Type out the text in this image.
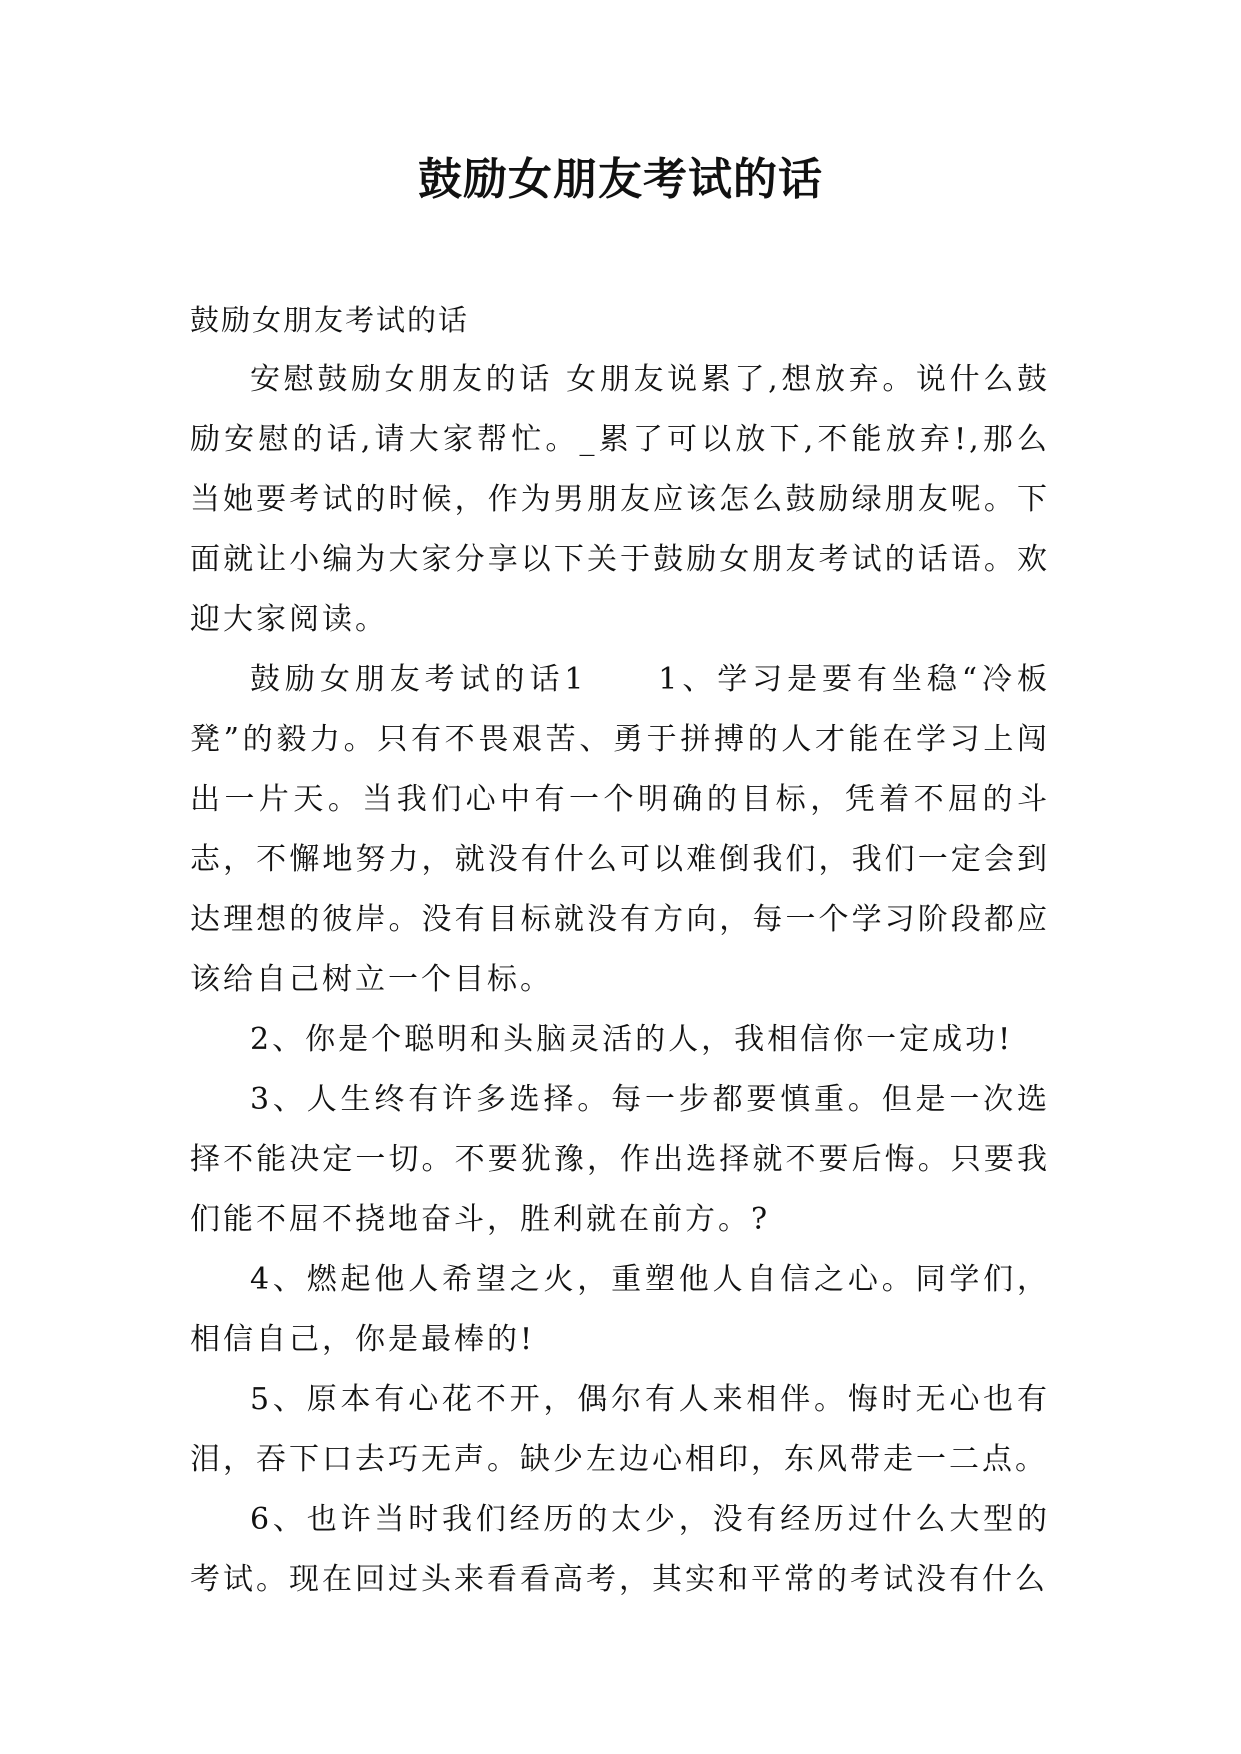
鼓励女朋友考试的话

鼓励女朋友考试的话

安慰鼓励女朋友的话 女朋友说累了,想放弃。说什么鼓励安慰的话,请大家帮忙。_累了可以放下,不能放弃!,那么当她要考试的时候，作为男朋友应该怎么鼓励绿朋友呢。下面就让小编为大家分享以下关于鼓励女朋友考试的话语。欢迎大家阅读。

鼓励女朋友考试的话1　　1、学习是要有坐稳“冷板凳”的毅力。只有不畏艰苦、勇于拼搏的人才能在学习上闯出一片天。当我们心中有一个明确的目标，凭着不屈的斗志，不懈地努力，就没有什么可以难倒我们，我们一定会到达理想的彼岸。没有目标就没有方向，每一个学习阶段都应该给自己树立一个目标。

2、你是个聪明和头脑灵活的人，我相信你一定成功!

3、人生终有许多选择。每一步都要慎重。但是一次选择不能决定一切。不要犹豫，作出选择就不要后悔。只要我们能不屈不挠地奋斗，胜利就在前方。?

4、燃起他人希望之火，重塑他人自信之心。同学们，相信自己，你是最棒的!

5、原本有心花不开，偶尔有人来相伴。悔时无心也有泪，吞下口去巧无声。缺少左边心相印，东风带走一二点。

6、也许当时我们经历的太少，没有经历过什么大型的考试。现在回过头来看看高考，其实和平常的考试没有什么
